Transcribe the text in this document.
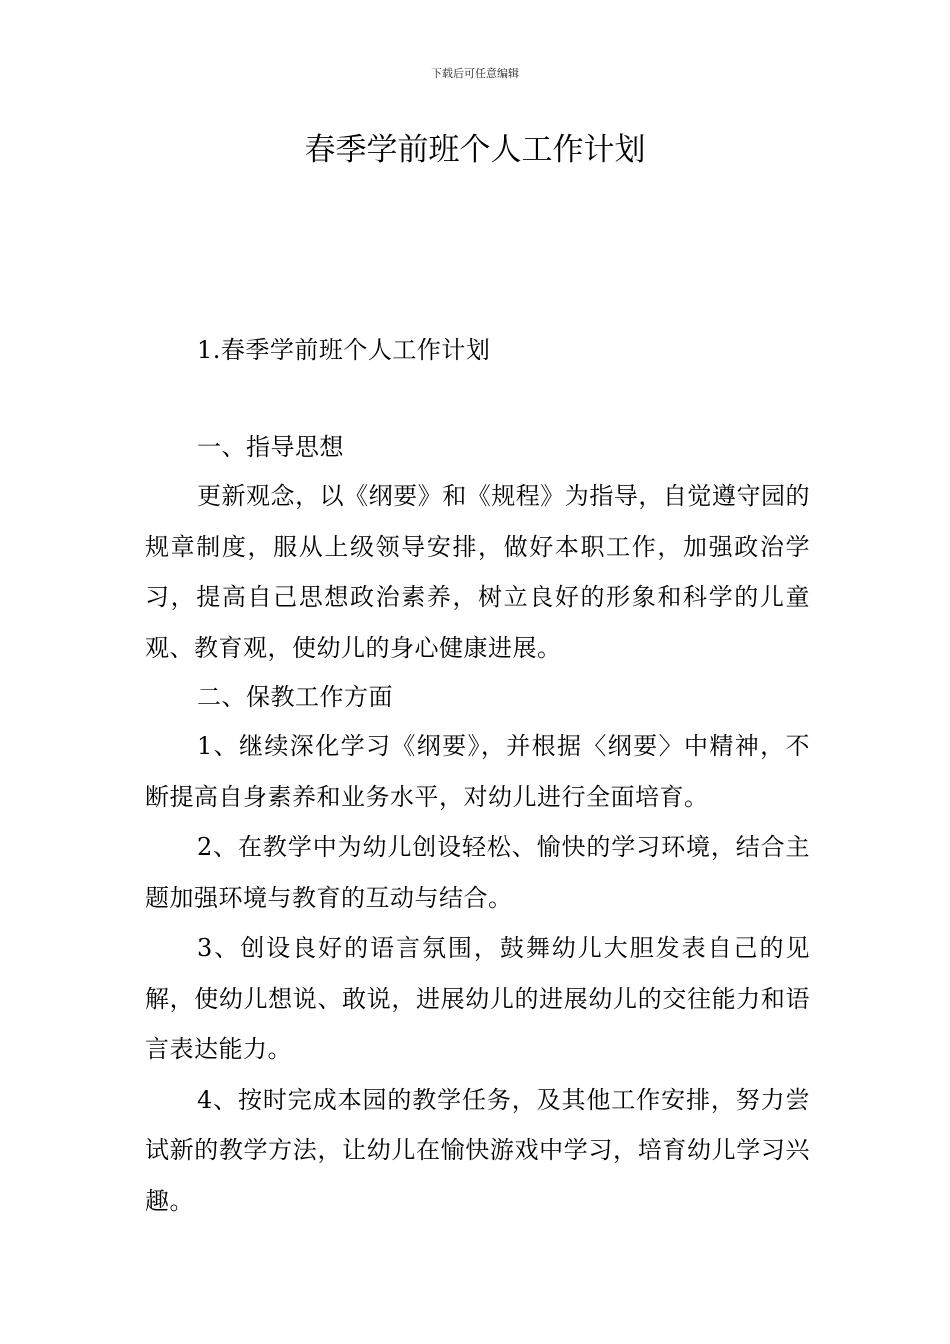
下载后可任意编辑
春季学前班个人工作计划

1.春季学前班个人工作计划

一、指导思想

更新观念，以《纲要》和《规程》为指导，自觉遵守园的规章制度，服从上级领导安排，做好本职工作，加强政治学习，提高自己思想政治素养，树立良好的形象和科学的儿童观、教育观，使幼儿的身心健康进展。

二、保教工作方面

1、继续深化学习《纲要》，并根据〈纲要〉中精神，不断提高自身素养和业务水平，对幼儿进行全面培育。

2、在教学中为幼儿创设轻松、愉快的学习环境，结合主题加强环境与教育的互动与结合。

3、创设良好的语言氛围，鼓舞幼儿大胆发表自己的见解，使幼儿想说、敢说，进展幼儿的进展幼儿的交往能力和语言表达能力。

4、按时完成本园的教学任务，及其他工作安排，努力尝试新的教学方法，让幼儿在愉快游戏中学习，培育幼儿学习兴趣。
